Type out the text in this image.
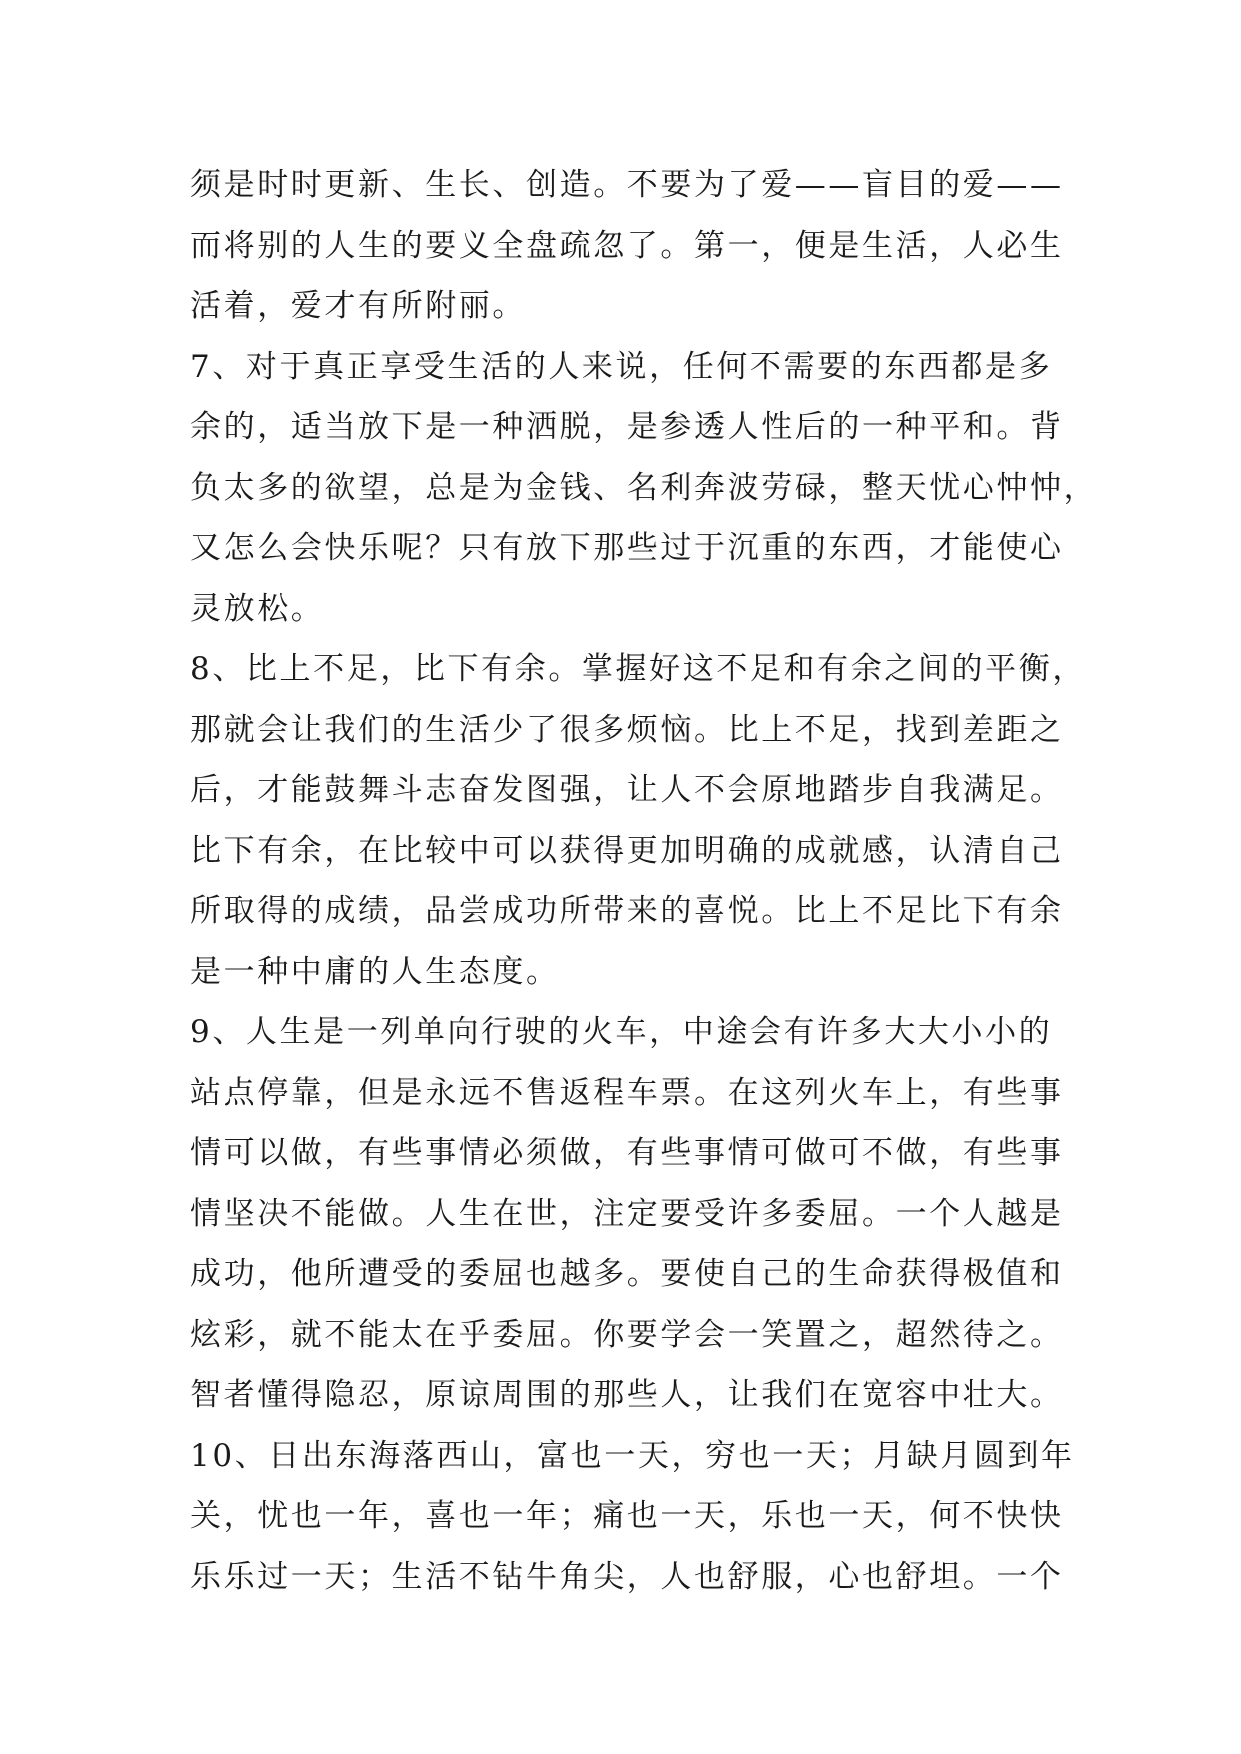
须是时时更新、生长、创造。不要为了爱——盲目的爱——
而将别的人生的要义全盘疏忽了。第一，便是生活，人必生
活着，爱才有所附丽。
7、对于真正享受生活的人来说，任何不需要的东西都是多
余的，适当放下是一种洒脱，是参透人性后的一种平和。背
负太多的欲望，总是为金钱、名利奔波劳碌，整天忧心忡忡，
又怎么会快乐呢？只有放下那些过于沉重的东西，才能使心
灵放松。
8、比上不足，比下有余。掌握好这不足和有余之间的平衡，
那就会让我们的生活少了很多烦恼。比上不足，找到差距之
后，才能鼓舞斗志奋发图强，让人不会原地踏步自我满足。
比下有余，在比较中可以获得更加明确的成就感，认清自己
所取得的成绩，品尝成功所带来的喜悦。比上不足比下有余
是一种中庸的人生态度。
9、人生是一列单向行驶的火车，中途会有许多大大小小的
站点停靠，但是永远不售返程车票。在这列火车上，有些事
情可以做，有些事情必须做，有些事情可做可不做，有些事
情坚决不能做。人生在世，注定要受许多委屈。一个人越是
成功，他所遭受的委屈也越多。要使自己的生命获得极值和
炫彩，就不能太在乎委屈。你要学会一笑置之，超然待之。
智者懂得隐忍，原谅周围的那些人，让我们在宽容中壮大。
10、日出东海落西山，富也一天，穷也一天；月缺月圆到年
关，忧也一年，喜也一年；痛也一天，乐也一天，何不快快
乐乐过一天；生活不钻牛角尖，人也舒服，心也舒坦。一个
